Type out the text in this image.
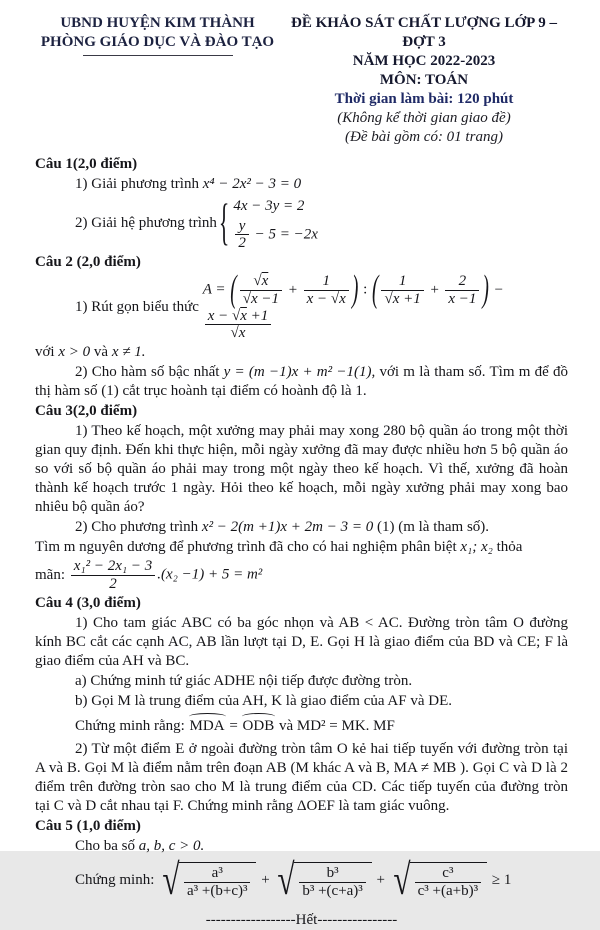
UBND HUYỆN KIM THÀNH
PHÒNG GIÁO DỤC VÀ ĐÀO TẠO
ĐỀ KHẢO SÁT CHẤT LƯỢNG LỚP 9 – ĐỢT 3
NĂM HỌC 2022-2023
MÔN: TOÁN
Thời gian làm bài: 120 phút
(Không kể thời gian giao đề)
(Đề bài gồm có: 01 trang)
Câu 1(2,0 điểm)

1) Giải phương trình x⁴ − 2x² − 3 = 0

2) Giải hệ phương trình { 4x − 3y = 2
$\frac{y}{2} - 5 = -2x$
Câu 2 (2,0 điểm)
1) Rút gọn biểu thức

A = ( $\frac{√x}{√x -1} + \frac{1}{x - √x}$ ) : ( $\frac{1}{√x +1} + \frac{2}{x -1}$ ) −
$\frac{x - √x +1}{√x}$

với x > 0 và x ≠ 1.

2) Cho hàm số bậc nhất y = (m −1)x + m² −1(1), với m là tham số. Tìm m để đồ thị hàm số (1) cắt trục hoành tại điểm có hoành độ là 1.

Câu 3(2,0 điểm)

1) Theo kế hoạch, một xưởng may phải may xong 280 bộ quần áo trong một thời gian quy định. Đến khi thực hiện, mỗi ngày xưởng đã may được nhiều hơn 5 bộ quần áo so với số bộ quần áo phải may trong một ngày theo kế hoạch. Vì thế, xưởng đã hoàn thành kế hoạch trước 1 ngày. Hỏi theo kế hoạch, mỗi ngày xưởng phải may xong bao nhiêu bộ quần áo?

2) Cho phương trình x² − 2(m +1)x + 2m − 3 = 0 (1) (m là tham số).

Tìm m nguyên dương để phương trình đã cho có hai nghiệm phân biệt x₁; x₂ thỏa

mãn:
$\frac{\text{x₁² − 2x₁ − 3}}{2} .(x_2 -1) + 5 = m^2$
Câu 4 (3,0 điểm)

1) Cho tam giác ABC có ba góc nhọn và AB < AC. Đường tròn tâm O đường kính BC cắt các cạnh AC, AB lần lượt tại D, E. Gọi H là giao điểm của BD và CE; F là giao điểm của AH và BC.

a) Chứng minh tứ giác ADHE nội tiếp được đường tròn.

b) Gọi M là trung điểm của AH, K là giao điểm của AF và DE.

Chứng minh rằng: MDA = ODB và MD² = MK. MF

2) Từ một điểm E ở ngoài đường tròn tâm O kẻ hai tiếp tuyến với đường tròn tại A và B. Gọi M là điểm nằm trên đoạn AB (M khác A và B, MA ≠ MB ). Gọi C và D là 2 điểm trên đường tròn sao cho M là trung điểm của CD. Các tiếp tuyến của đường tròn tại C và D cắt nhau tại F. Chứng minh rằng ΔOEF là tam giác vuông.

Câu 5 (1,0 điểm)

Cho ba số a, b, c > 0.

Chứng minh:
√ $\frac{\text{a³}}{\text{a³ +(b+c)³}}$ + √ $\frac{\text{b³}}{\text{b³ +(c+a)³}}$ + √ $\frac{\text{c³}}{\text{c³ +(a+b)³}} \ge 1$
------------------Hết----------------
